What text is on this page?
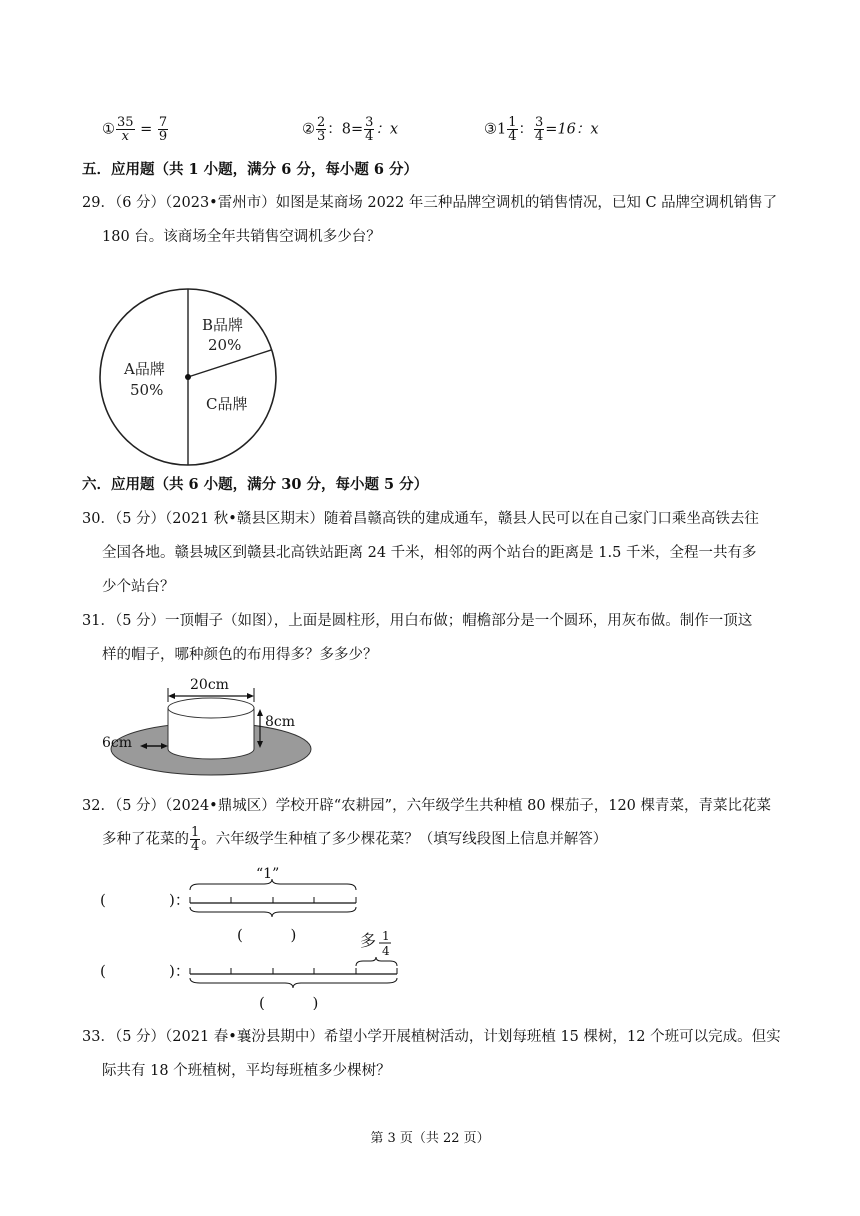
① $\frac{35}{x} = \frac{7}{9}$	② $\frac{2}{3}$ ：$8= \frac{3}{4}$ ：x	③1 $\frac{1}{4}$ ： $\frac{3}{4} =16$：x
五．应用题（共 1 小题，满分 6 分，每小题 6 分）
29．（6 分）（2023•雷州市）如图是某商场 2022 年三种品牌空调机的销售情况，已知 C 品牌空调机销售了
180 台。该商场全年共销售空调机多少台？
B品牌
20%
A品牌
50%
C品牌
六．应用题（共 6 小题，满分 30 分，每小题 5 分）
30．（5 分）（2021 秋•赣县区期末）随着昌赣高铁的建成通车，赣县人民可以在自己家门口乘坐高铁去往
全国各地。赣县城区到赣县北高铁站距离 24 千米，相邻的两个站台的距离是 1.5 千米，全程一共有多
少个站台？
31．（5 分）一顶帽子（如图），上面是圆柱形，用白布做；帽檐部分是一个圆环，用灰布做。制作一顶这
样的帽子，哪种颜色的布用得多？多多少？
20cm
8cm
6cm
32．（5 分）（2024•鼎城区）学校开辟“农耕园”，六年级学生共种植 80 棵茄子，120 棵青菜，青菜比花菜
多种了花菜的 $\frac{1}{4}$ 。六年级学生种植了多少棵花菜？（填写线段图上信息并解答）
(	)：
“1”
(          )
(	)：
多 1
4
(          )
33．（5 分）（2021 春•襄汾县期中）希望小学开展植树活动，计划每班植 15 棵树，12 个班可以完成。但实
际共有 18 个班植树，平均每班植多少棵树？
第 3 页（共 22 页）
